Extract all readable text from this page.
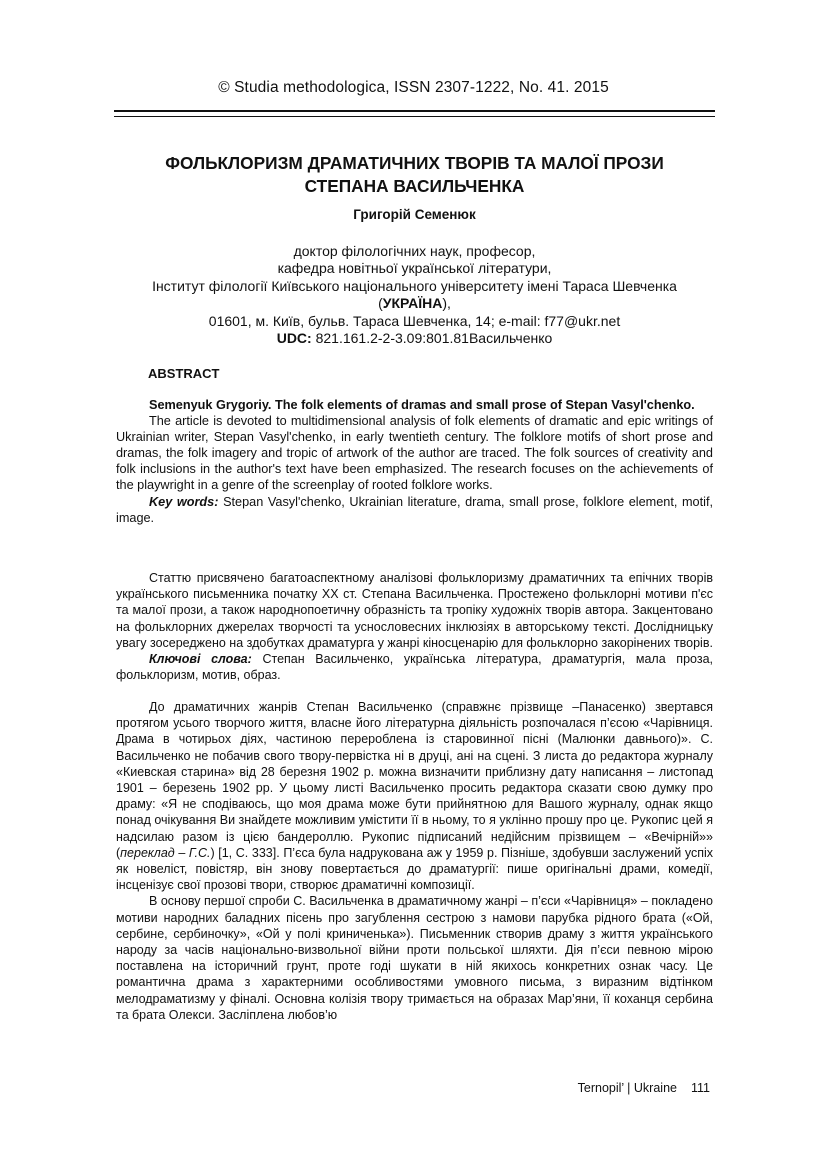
© Studia methodologica, ISSN 2307-1222, No. 41. 2015
ФОЛЬКЛОРИЗМ ДРАМАТИЧНИХ ТВОРІВ ТА МАЛОЇ ПРОЗИ
СТЕПАНА ВАСИЛЬЧЕНКА
Григорій Семенюк
доктор філологічних наук, професор,
кафедра новітньої української літератури,
Інститут філології Київського національного університету імені Тараса Шевченка
(УКРАЇНА),
01601, м. Київ, бульв. Тараса Шевченка, 14; e-mail: f77@ukr.net
UDC: 821.161.2-2-3.09:801.81Васильченко
ABSTRACT

Semenyuk Grygoriy. The folk elements of dramas and small prose of Stepan Vasyl'chenko.

The article is devoted to multidimensional analysis of folk elements of dramatic and epic writings of Ukrainian writer, Stepan Vasyl'chenko, in early twentieth century. The folklore motifs of short prose and dramas, the folk imagery and tropic of artwork of the author are traced. The folk sources of creativity and folk inclusions in the author's text have been emphasized. The research focuses on the achievements of the playwright in a genre of the screenplay of rooted folklore works.

Key words: Stepan Vasyl'chenko, Ukrainian literature, drama, small prose, folklore element, motif, image.

Статтю присвячено багатоаспектному аналізові фольклоризму драматичних та епічних творів українського письменника початку ХХ ст. Степана Васильченка. Простежено фольклорні мотиви п'єс та малої прози, а також народнопоетичну образність та тропіку художніх творів автора. Закцентовано на фольклорних джерелах творчості та уснословесних інклюзіях в авторському тексті. Дослідницьку увагу зосереджено на здобутках драматурга у жанрі кіносценарію для фольклорно закорінених творів.

Ключові слова: Степан Васильченко, українська література, драматургія, мала проза, фольклоризм, мотив, образ.

До драматичних жанрів Степан Васильченко (справжнє прізвище –Панасенко) звертався протягом усього творчого життя, власне його літературна діяльність розпочалася п’єсою «Чарівниця. Драма в чотирьох діях, частиною перероблена із старовинної пісні (Малюнки давнього)». С. Васильченко не побачив свого твору-первістка ні в друці, ані на сцені. З листа до редактора журналу «Киевская старина» від 28 березня 1902 р. можна визначити приблизну дату написання – листопад 1901 – березень 1902 рр. У цьому листі Васильченко просить редактора сказати свою думку про драму: «Я не сподіваюсь, що моя драма може бути прийнятною для Вашого журналу, однак якщо понад очікування Ви знайдете можливим умістити її в ньому, то я уклінно прошу про це. Рукопис цей я надсилаю разом із цією бандероллю. Рукопис підписаний недійсним прізвищем – «Вечірній»» (переклад – Г.С.) [1, С. 333]. П’єса була надрукована аж у 1959 р. Пізніше, здобувши заслужений успіх як новеліст, повістяр, він знову повертається до драматургії: пише оригінальні драми, комедії, інсценізує свої прозові твори, створює драматичні композиції.

В основу першої спроби С. Васильченка в драматичному жанрі – п’єси «Чарівниця» – покладено мотиви народних баладних пісень про загублення сестрою з намови парубка рідного брата («Ой, сербине, сербиночку», «Ой у полі криниченька»). Письменник створив драму з життя українського народу за часів національно-визвольної війни проти польської шляхти. Дія п’єси певною мірою поставлена на історичний грунт, проте годі шукати в ній якихось конкретних ознак часу. Це романтична драма з характерними особливостями умовного письма, з виразним відтінком мелодраматизму у фіналі. Основна колізія твору тримається на образах Мар’яни, її коханця сербина та брата Олекси. Засліплена любов’ю

Ternopil’ | Ukraine 111
